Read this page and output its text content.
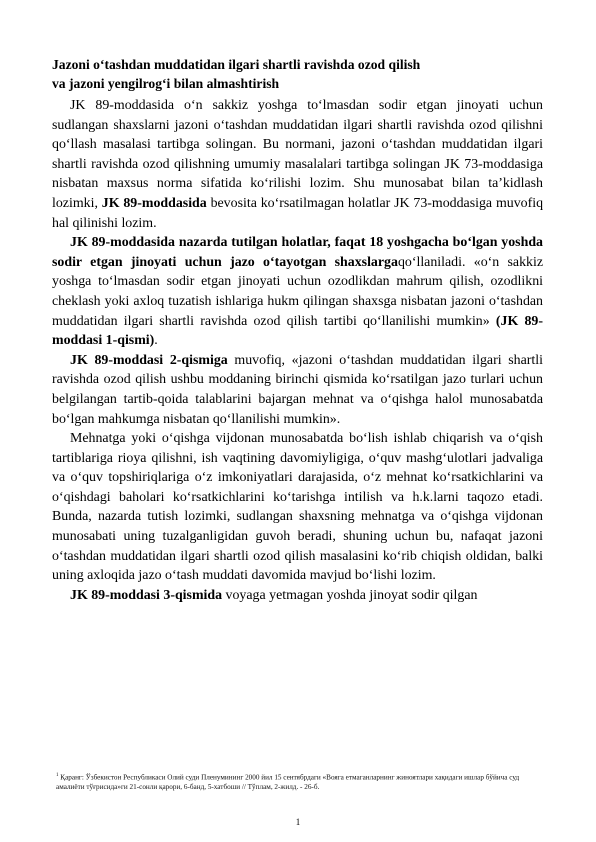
Jazoni o‘tashdan muddatidan ilgari shartli ravishda ozod qilish
va jazoni yengilrog‘i bilan almashtirish

JK 89-moddasida o‘n sakkiz yoshga to‘lmasdan sodir etgan jinoyati uchun sudlangan shaxslarni jazoni o‘tashdan muddatidan ilgari shartli ravishda ozod qilishni qo‘llash masalasi tartibga solingan. Bu normani, jazoni o‘tashdan muddatidan ilgari shartli ravishda ozod qilishning umumiy masalalari tartibga solingan JK 73-moddasiga nisbatan maxsus norma sifatida ko‘rilishi lozim. Shu munosabat bilan ta’kidlash lozimki, JK 89-moddasida bevosita ko‘rsatilmagan holatlar JK 73-moddasiga muvofiq hal qilinishi lozim.

JK 89-moddasida nazarda tutilgan holatlar, faqat 18 yoshgacha bo‘lgan yoshda sodir etgan jinoyati uchun jazo o‘tayotgan shaxslargaqo‘llaniladi. «o‘n sakkiz yoshga to‘lmasdan sodir etgan jinoyati uchun ozodlikdan mahrum qilish, ozodlikni cheklash yoki axloq tuzatish ishlariga hukm qilingan shaxsga nisbatan jazoni o‘tashdan muddatidan ilgari shartli ravishda ozod qilish tartibi qo‘llanilishi mumkin» (JK 89-moddasi 1-qismi).

JK 89-moddasi 2-qismiga muvofiq, «jazoni o‘tashdan muddatidan ilgari shartli ravishda ozod qilish ushbu moddaning birinchi qismida ko‘rsatilgan jazo turlari uchun belgilangan tartib-qoida talablarini bajargan mehnat va o‘qishga halol munosabatda bo‘lgan mahkumga nisbatan qo‘llanilishi mumkin».

Mehnatga yoki o‘qishga vijdonan munosabatda bo‘lish ishlab chiqarish va o‘qish tartiblariga rioya qilishni, ish vaqtining davomiyligiga, o‘quv mashg‘ulotlari jadvaliga va o‘quv topshiriqlariga o‘z imkoniyatlari darajasida, o‘z mehnat ko‘rsatkichlarini va o‘qishdagi baholari ko‘rsatkichlarini ko‘tarishga intilish va h.k.larni taqozo etadi. Bunda, nazarda tutish lozimki, sudlangan shaxsning mehnatga va o‘qishga vijdonan munosabati uning tuzalganligidan guvoh beradi, shuning uchun bu, nafaqat jazoni o‘tashdan muddatidan ilgari shartli ozod qilish masalasini ko‘rib chiqish oldidan, balki uning axloqida jazo o‘tash muddati davomida mavjud bo‘lishi lozim.

JK 89-moddasi 3-qismida voyaga yetmagan yoshda jinoyat sodir qilgan

$^1$ Қаранг: Ўзбекистон Республикаси Олий суди Пленумининг 2000 йил 15 сентябрдаги «Вояга етмаганларнинг жиноятлари хақидаги ишлар бўйича суд амалиёти тўғрисида»ги 21-сонли қарори, 6-банд, 5-хатбоши // Тўплам, 2-жилд. - 26-б.
1
